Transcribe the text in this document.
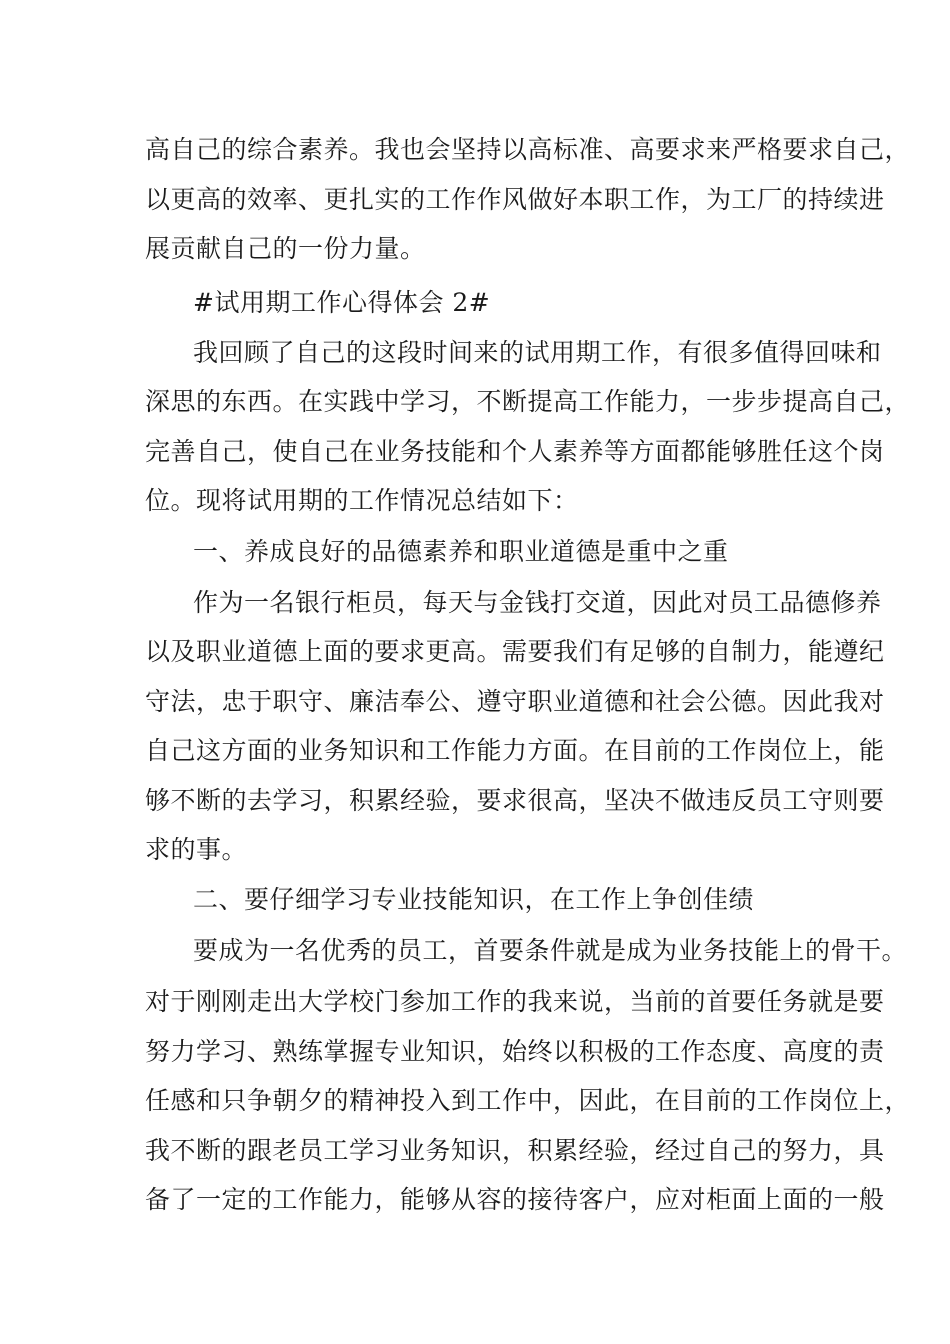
高自己的综合素养。我也会坚持以高标准、高要求来严格要求自己，
以更高的效率、更扎实的工作作风做好本职工作，为工厂的持续进
展贡献自己的一份力量。
#试用期工作心得体会 2#
我回顾了自己的这段时间来的试用期工作，有很多值得回味和
深思的东西。在实践中学习，不断提高工作能力，一步步提高自己，
完善自己，使自己在业务技能和个人素养等方面都能够胜任这个岗
位。现将试用期的工作情况总结如下：
一、养成良好的品德素养和职业道德是重中之重
作为一名银行柜员，每天与金钱打交道，因此对员工品德修养
以及职业道德上面的要求更高。需要我们有足够的自制力，能遵纪
守法，忠于职守、廉洁奉公、遵守职业道德和社会公德。因此我对
自己这方面的业务知识和工作能力方面。在目前的工作岗位上，能
够不断的去学习，积累经验，要求很高，坚决不做违反员工守则要
求的事。
二、要仔细学习专业技能知识，在工作上争创佳绩
要成为一名优秀的员工，首要条件就是成为业务技能上的骨干。
对于刚刚走出大学校门参加工作的我来说，当前的首要任务就是要
努力学习、熟练掌握专业知识，始终以积极的工作态度、高度的责
任感和只争朝夕的精神投入到工作中，因此，在目前的工作岗位上，
我不断的跟老员工学习业务知识，积累经验，经过自己的努力，具
备了一定的工作能力，能够从容的接待客户，应对柜面上面的一般
